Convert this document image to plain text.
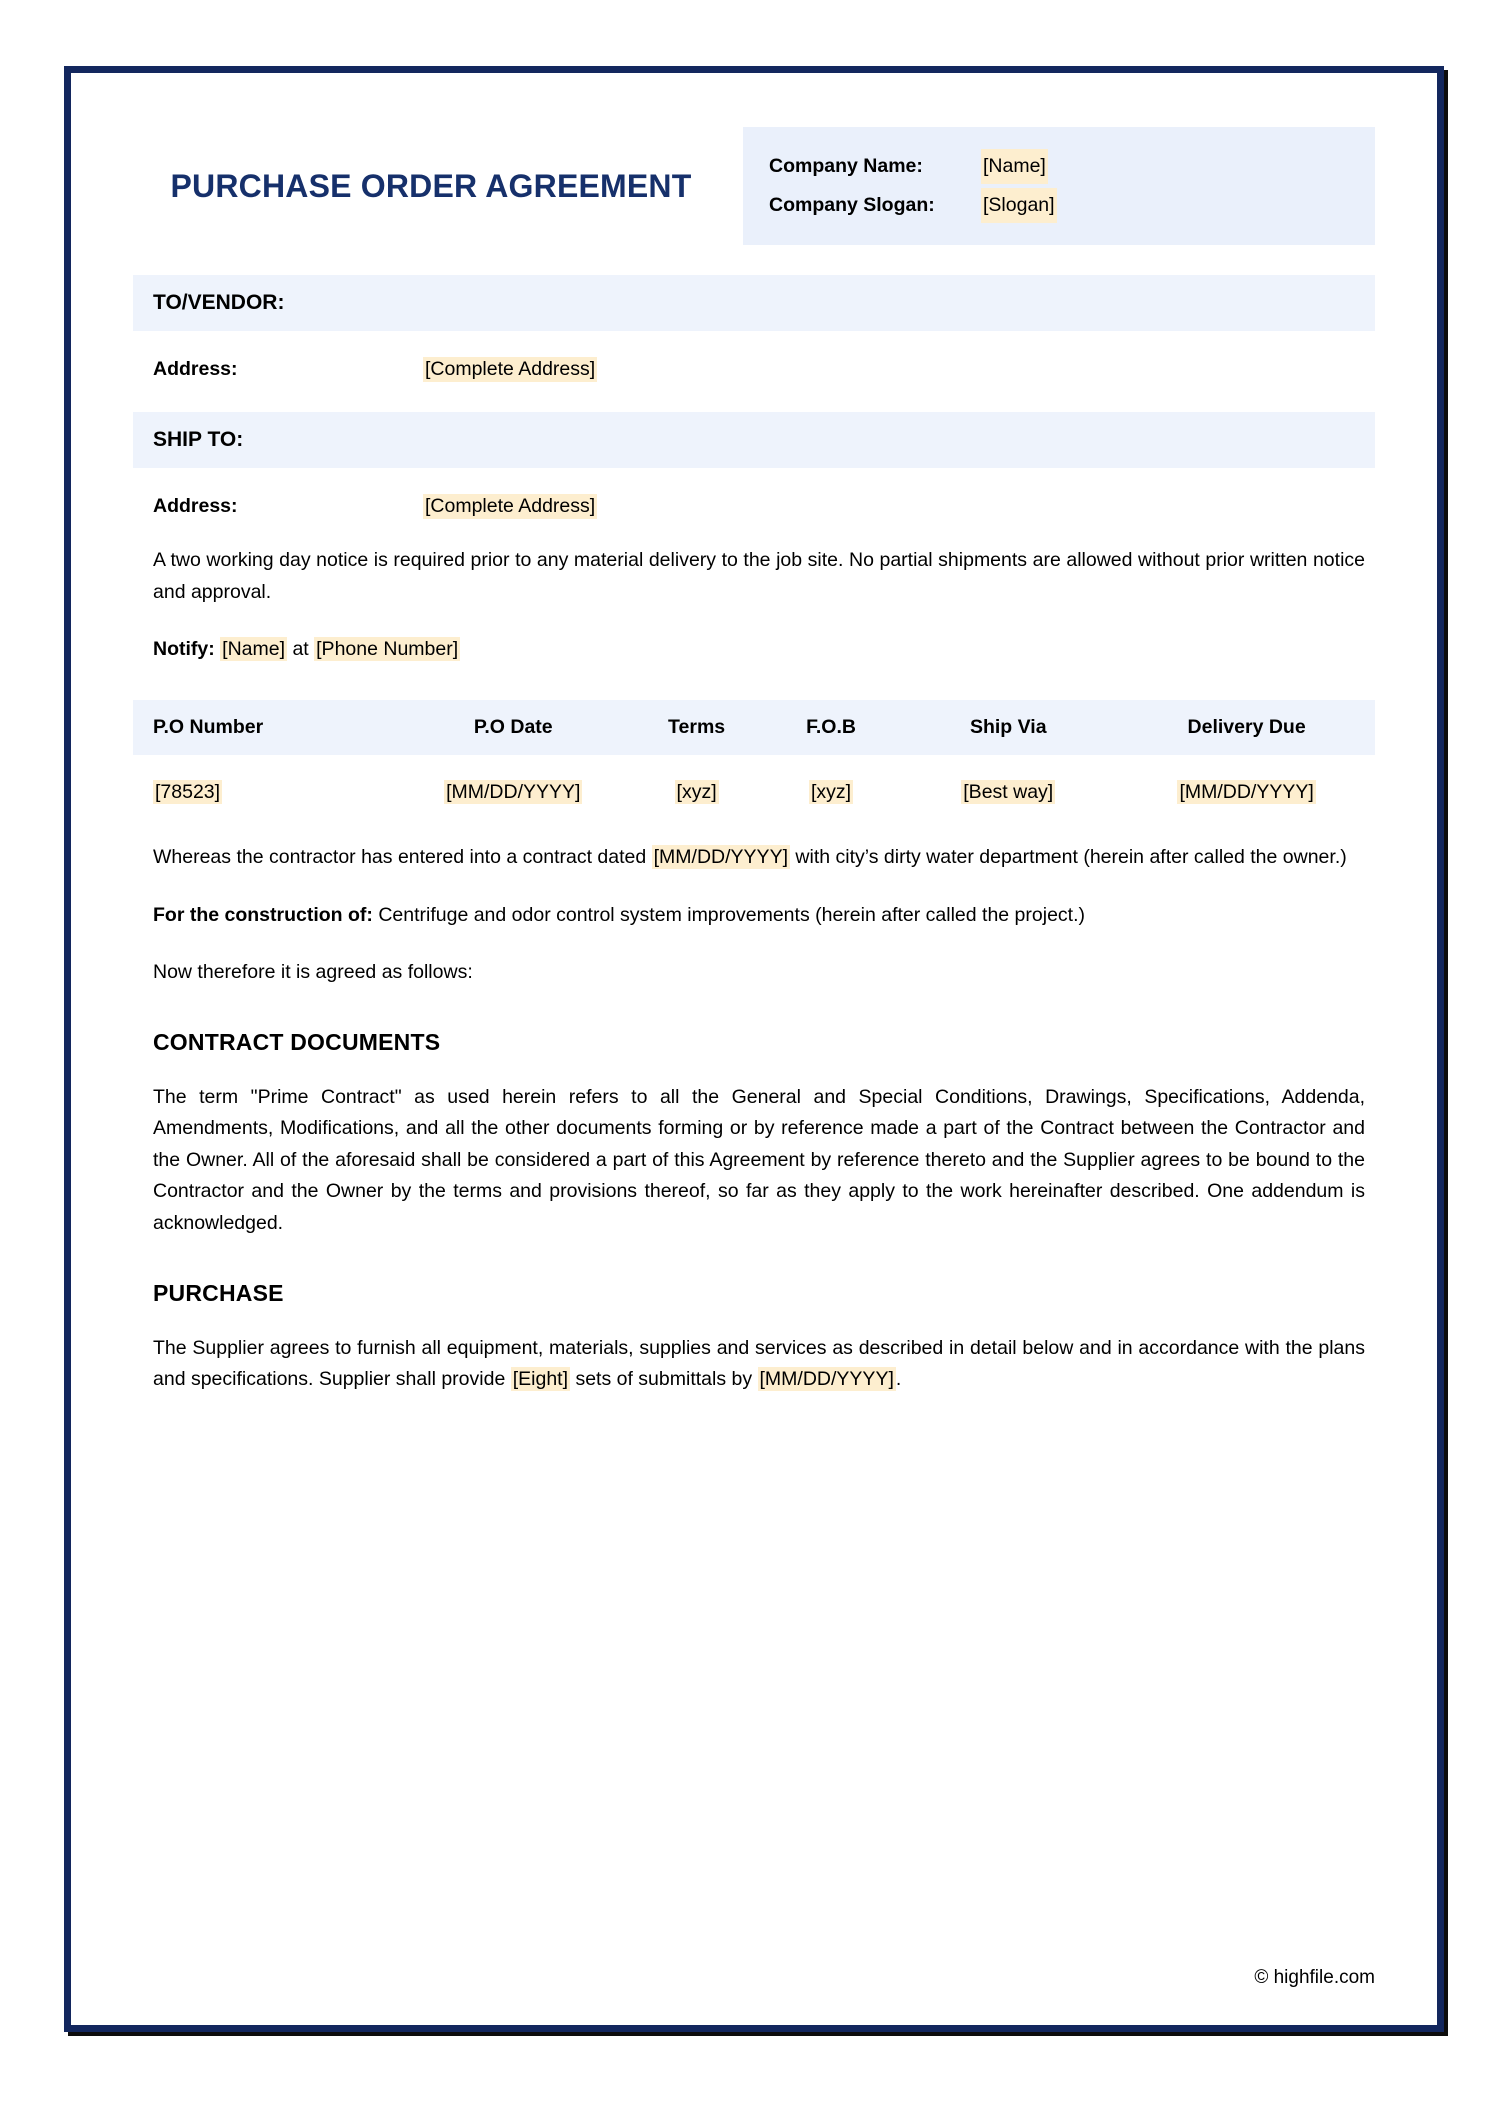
PURCHASE ORDER AGREEMENT
Company Name:	[Name]
Company Slogan:	[Slogan]
TO/VENDOR:
Address:	[Complete Address]
SHIP TO:
Address:	[Complete Address]

A two working day notice is required prior to any material delivery to the job site. No partial shipments are allowed without prior written notice and approval.

Notify: [Name] at [Phone Number]

P.O Number	P.O Date	Terms	F.O.B	Ship Via	Delivery Due
[78523]	[MM/DD/YYYY]	[xyz]	[xyz]	[Best way]	[MM/DD/YYYY]

Whereas the contractor has entered into a contract dated [MM/DD/YYYY] with city’s dirty water department (herein after called the owner.)

For the construction of: Centrifuge and odor control system improvements (herein after called the project.)

Now therefore it is agreed as follows:

CONTRACT DOCUMENTS

The term "Prime Contract" as used herein refers to all the General and Special Conditions, Drawings, Specifications, Addenda, Amendments, Modifications, and all the other documents forming or by reference made a part of the Contract between the Contractor and the Owner. All of the aforesaid shall be considered a part of this Agreement by reference thereto and the Supplier agrees to be bound to the Contractor and the Owner by the terms and provisions thereof, so far as they apply to the work hereinafter described. One addendum is acknowledged.

PURCHASE

The Supplier agrees to furnish all equipment, materials, supplies and services as described in detail below and in accordance with the plans and specifications. Supplier shall provide [Eight] sets of submittals by [MM/DD/YYYY] .

© highfile.com
